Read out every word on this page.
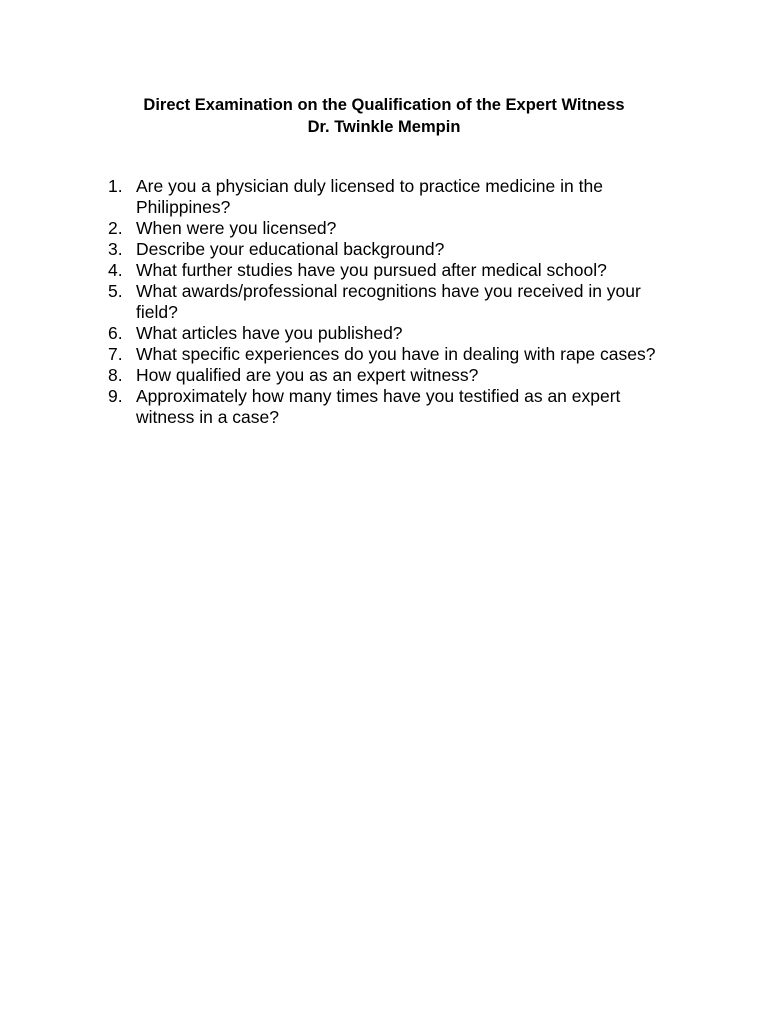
Direct Examination on the Qualification of the Expert Witness
Dr. Twinkle Mempin
1. Are you a physician duly licensed to practice medicine in the Philippines?
2. When were you licensed?
3. Describe your educational background?
4. What further studies have you pursued after medical school?
5. What awards/professional recognitions have you received in your field?
6. What articles have you published?
7. What specific experiences do you have in dealing with rape cases?
8. How qualified are you as an expert witness?
9. Approximately how many times have you testified as an expert witness in a case?
